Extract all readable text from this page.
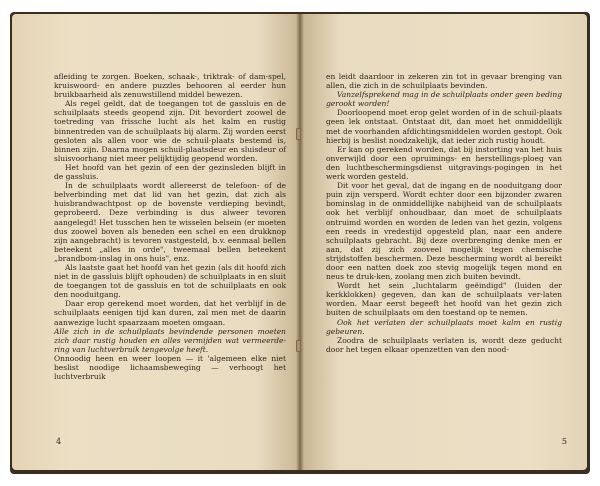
afleiding te zorgen. Boeken, schaak-, triktrak- of dam-spel, kruiswoord- en andere puzzles behooren al eerder hun bruikbaarheid als zenuwstillend middel bewezen.

Als regel geldt, dat de toegangen tot de gassluis en de schuilplaats steeds geopend zijn. Dit bevordert zoowel de toetreding van frissche lucht als het kalm en rustig binnentreden van de schuilplaats bij alarm. Zij worden eerst gesloten als allen voor wie de schuil-plaats bestemd is, binnen zijn. Daarna mogen schuil-plaatsdeur en sluisdeur of sluisvoorhang niet meer pelijktijdig geopend worden.

Het hoofd van het gezin of een der gezinsleden blijft in de gassluis.

In de schuilplaats wordt allereerst de telefoon- of de belverbinding met dat lid van het gezin, dat zich als huisbrandwachtpost op de bovenste verdieping bevindt, geprobeerd. Deze verbinding is dus alweer tevoren aangelegd! Het tusschen hen te wisselen belsein (er moeten dus zoowel boven als beneden een schel en een drukknop zijn aangebracht) is tevoren vastgesteld, b.v. eenmaal bellen beteekent „alles in orde", tweemaal bellen beteekent „brandbom-inslag in ons huis", enz.

Als laatste gaat het hoofd van het gezin (als dit hoofd zich niet in de gassluis blijft ophouden) de schuilplaats in en sluit de toegangen tot de gassluis en tot de schuilplaats en ook den nooduitgang.

Daar erop gerekend moet worden, dat het verblijf in de schuilplaats eenigen tijd kan duren, zal men met de daarin aanwezige lucht spaarzaam moeten omgaan.

Alle zich in de schuilplaats bevindende personen moeten zich daar rustig houden en alles vermijden wat vermeerde-ring van luchtverbruik tengevolge heeft.

Onnoodig heen en weer loopen — it 'algemeen elke niet beslist noodige lichaamsbeweging — verhoogt het luchtverbruik

4

en leidt daardoor in zekeren zin tot in gevaar brenging van allen, die zich in de schuilplaats bevinden.

Vanzelfsprekend mag in de schuilplaats onder geen beding gerookt worden!

Doorloopend moet erop gelet worden of in de schuil-plaats geen lek ontstaat. Ontstaat dit, dan moet het onmiddellijk met de voorhanden afdichtingsmiddelen worden gestopt. Ook hierbij is beslist noodzakelijk, dat ieder zich rustig houdt.

Er kan op gerekend worden, dat bij instorting van het huis onverwijld door een opruimings- en herstellings-ploeg van den luchtbeschermingsdienst uitgravings-pogingen in het werk worden gesteld.

Dit voor het geval, dat de ingang en de nooduitgang door puin zijn versperd. Wordt echter door een bijzonder zwaren bominslag in de onmiddellijke nabijheid van de schuilplaats ook het verblijf onhoudbaar, dan moet de schuilplaats ontruimd worden en worden de leden van het gezin, volgens een reeds in vredestijd opgesteld plan, naar een andere schuilplaats gebracht. Bij deze overbrenging denke men er aan, dat zij zich zooveel mogelijk tegen chemische strijdstoffen beschermen. Deze bescherming wordt al bereikt door een natten doek zoo stevig mogelijk tegen mond en neus te druk-ken, zoolang men zich buiten bevindt.

Wordt het sein „luchtalarm geëindigd" (luiden der kerkklokken) gegeven, dan kan de schuilplaats ver-laten worden. Maar eerst begeeft het hoofd van het gezin zich buiten de schuilplaats om den toestand op te nemen.

Ook het verlaten der schuilplaats moet kalm en rustig gebeuren.

Zoodra de schuilplaats verlaten is, wordt deze geducht door het tegen elkaar openzetten van den nood-

5
